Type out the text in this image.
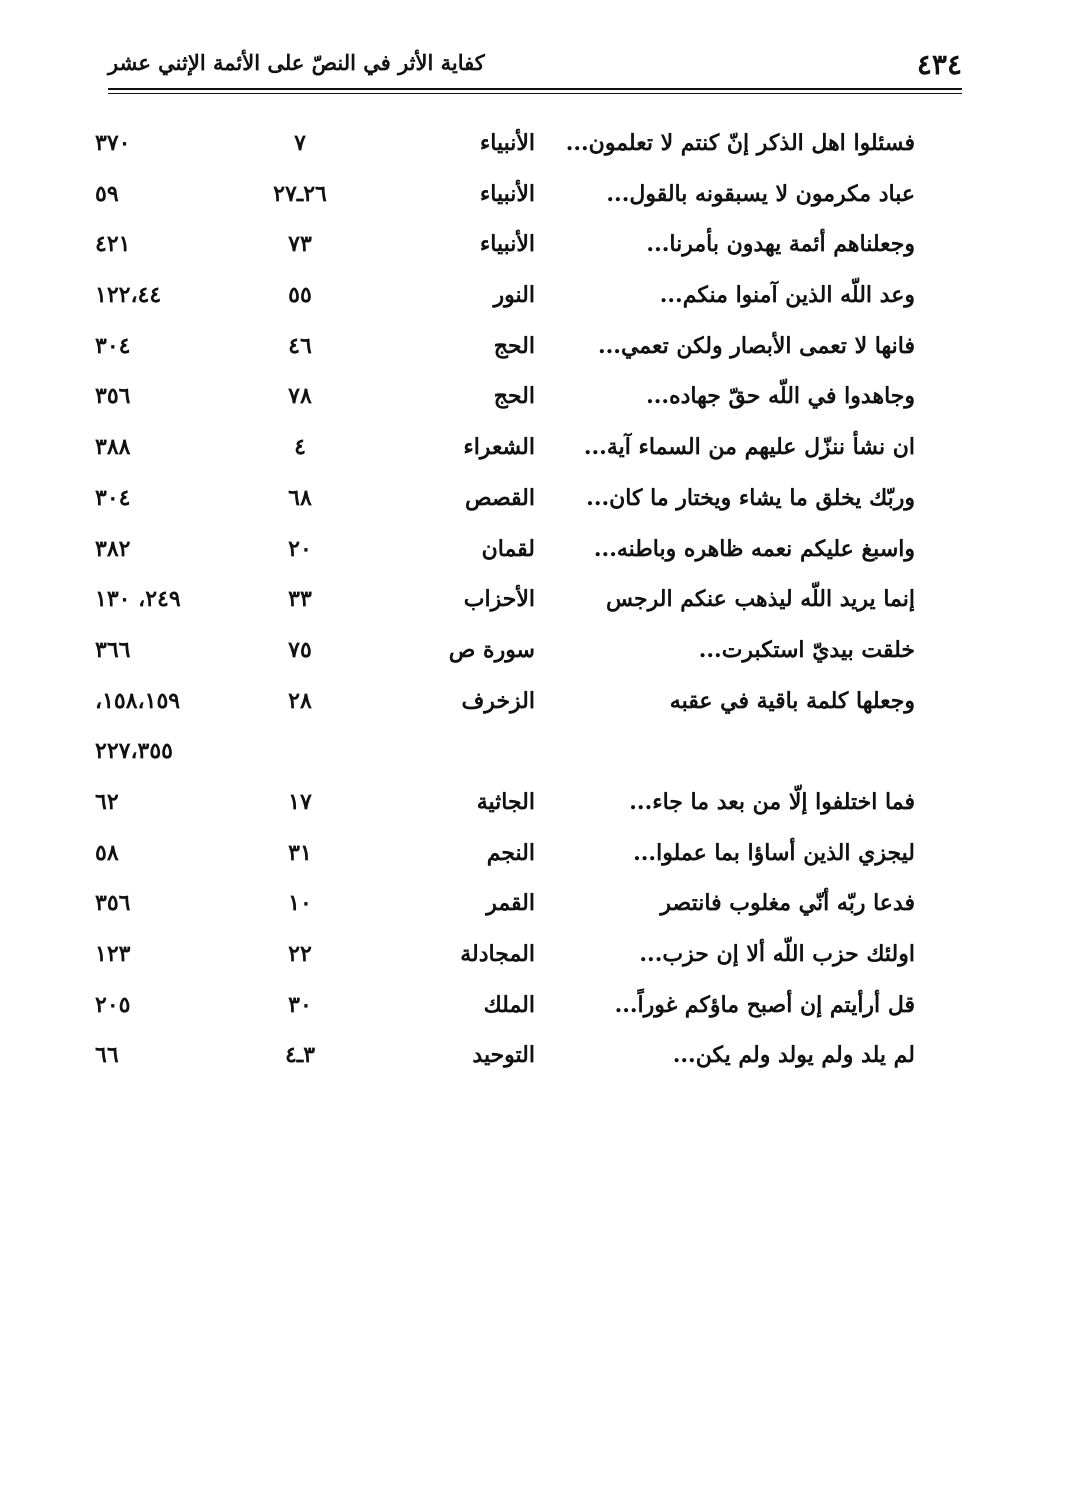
٤٣٤
كفاية الأثر في النصّ على الأئمة الإثني عشر
فسئلوا اهل الذكر إنّ كنتم لا تعلمون...
الأنبياء
٧
٣٧٠
عباد مكرمون لا يسبقونه بالقول...
الأنبياء
٢٦ـ٢٧
٥٩
وجعلناهم أئمة يهدون بأمرنا...
الأنبياء
٧٣
٤٢١
وعد اللّه الذين آمنوا منكم...
النور
٥٥
١٢٢،٤٤
فانها لا تعمى الأبصار ولكن تعمي...
الحج
٤٦
٣٠٤
وجاهدوا في اللّه حقّ جهاده...
الحج
٧٨
٣٥٦
ان نشأ ننزّل عليهم من السماء آية...
الشعراء
٤
٣٨٨
وربّك يخلق ما يشاء ويختار ما كان...
القصص
٦٨
٣٠٤
واسبغ عليكم نعمه ظاهره وباطنه...
لقمان
٢٠
٣٨٢
إنما يريد اللّه ليذهب عنكم الرجس
الأحزاب
٣٣
٢٤٩، ١٣٠
خلقت بيديّ استكبرت...
سورة ص
٧٥
٣٦٦
وجعلها كلمة باقية في عقبه
الزخرف
٢٨
١٥٨،١٥٩،
٢٢٧،٣٥٥
فما اختلفوا إلّا من بعد ما جاء...
الجاثية
١٧
٦٢
ليجزي الذين أساؤا بما عملوا...
النجم
٣١
٥٨
فدعا ربّه أنّي مغلوب فانتصر
القمر
١٠
٣٥٦
اولئك حزب اللّه ألا إن حزب...
المجادلة
٢٢
١٢٣
قل أرأيتم إن أصبح ماؤكم غوراً...
الملك
٣٠
٢٠٥
لم يلد ولم يولد ولم يكن...
التوحيد
٣ـ٤
٦٦
